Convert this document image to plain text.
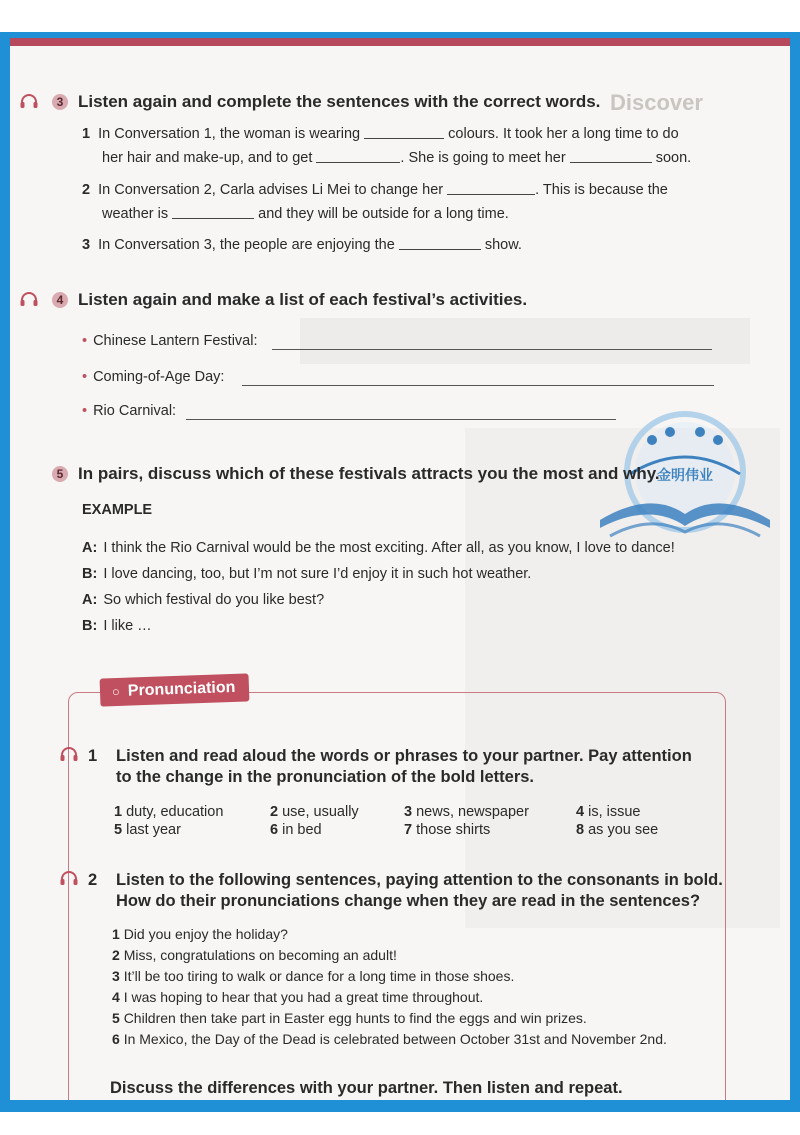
Discover
3 Listen again and complete the sentences with the correct words.
1 In Conversation 1, the woman is wearing	colours. It took her a long time to do
her hair and make-up, and to get	. She is going to meet her	soon.
2 In Conversation 2, Carla advises Li Mei to change her	. This is because the
weather is	and they will be outside for a long time.
3 In Conversation 3, the people are enjoying the	show.
4 Listen again and make a list of each festival’s activities.
• Chinese Lantern Festival:
• Coming-of-Age Day:
• Rio Carnival:
金明伟业
5 In pairs, discuss which of these festivals attracts you the most and why.
EXAMPLE
A: I think the Rio Carnival would be the most exciting. After all, as you know, I love to dance!
B: I love dancing, too, but I’m not sure I’d enjoy it in such hot weather.
A: So which festival do you like best?
B: I like …
○ Pronunciation
1 Listen and read aloud the words or phrases to your partner. Pay attention
to the change in the pronunciation of the bold letters.
1 duty, education	2 use, usually	3 news, newspaper	4 is, issue
5 last year	6 in bed	7 those shirts	8 as you see
2 Listen to the following sentences, paying attention to the consonants in bold.
How do their pronunciations change when they are read in the sentences?
1 Did you enjoy the holiday?
2 Miss, congratulations on becoming an adult!
3 It’ll be too tiring to walk or dance for a long time in those shoes.
4 I was hoping to hear that you had a great time throughout.
5 Children then take part in Easter egg hunts to find the eggs and win prizes.
6 In Mexico, the Day of the Dead is celebrated between October 31st and November 2nd.
Discuss the differences with your partner. Then listen and repeat.
